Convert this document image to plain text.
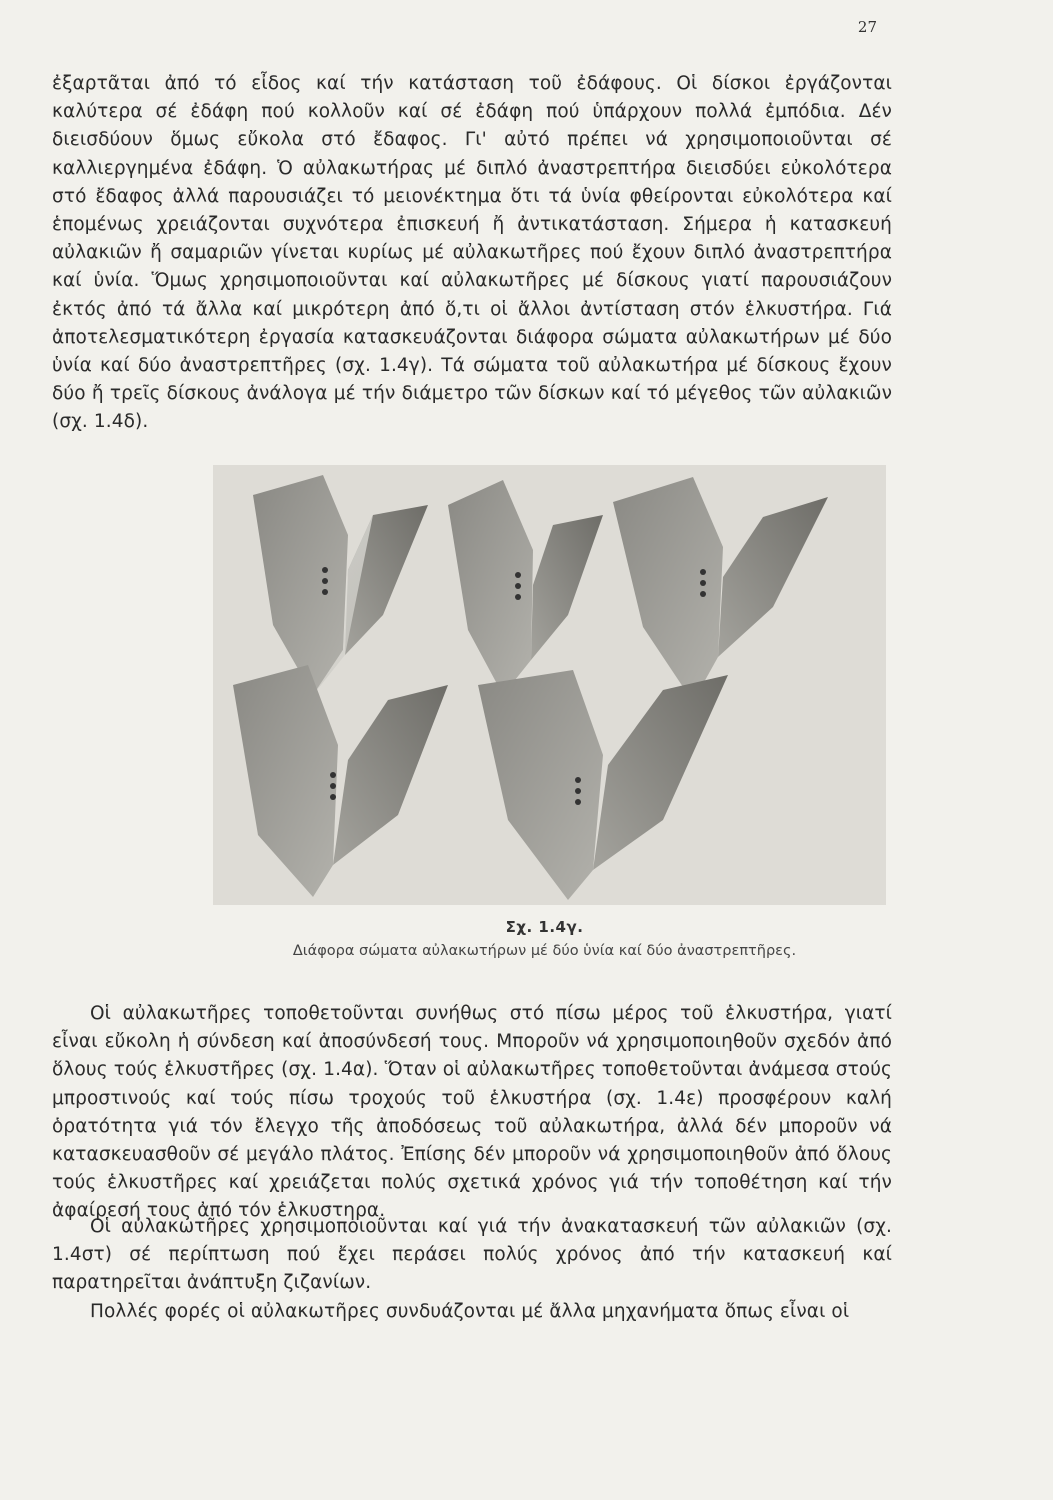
27

ἐξαρτᾶται ἀπό τό εἶδος καί τήν κατάσταση τοῦ ἐδάφους. Οἱ δίσκοι ἐργάζονται καλύτερα σέ ἐδάφη πού κολλοῦν καί σέ ἐδάφη πού ὑπάρχουν πολλά ἐμπόδια. Δέν διεισδύουν ὅμως εὔκολα στό ἔδαφος. Γι' αὐτό πρέπει νά χρησιμοποιοῦνται σέ καλλιεργημένα ἐδάφη. Ὁ αὐλακωτήρας μέ διπλό ἀναστρεπτήρα διεισδύει εὐκολότερα στό ἔδαφος ἀλλά παρουσιάζει τό μειονέκτημα ὅτι τά ὑνία φθείρονται εὐκολότερα καί ἑπομένως χρειάζονται συχνότερα ἐπισκευή ἤ ἀντικατάσταση. Σήμερα ἡ κατασκευή αὐλακιῶν ἤ σαμαριῶν γίνεται κυρίως μέ αὐλακωτῆρες πού ἔχουν διπλό ἀναστρεπτήρα καί ὑνία. Ὅμως χρησιμοποιοῦνται καί αὐλακωτῆρες μέ δίσκους γιατί παρουσιάζουν ἐκτός ἀπό τά ἄλλα καί μικρότερη ἀπό ὅ,τι οἱ ἄλλοι ἀντίσταση στόν ἑλκυστήρα. Γιά ἀποτελεσματικότερη ἐργασία κατασκευάζονται διάφορα σώματα αὐλακωτήρων μέ δύο ὑνία καί δύο ἀναστρεπτῆρες (σχ. 1.4γ). Τά σώματα τοῦ αὐλακωτήρα μέ δίσκους ἔχουν δύο ἤ τρεῖς δίσκους ἀνάλογα μέ τήν διάμετρο τῶν δίσκων καί τό μέγεθος τῶν αὐλακιῶν (σχ. 1.4δ).

Σχ. 1.4γ.
Διάφορα σώματα αὐλακωτήρων μέ δύο ὑνία καί δύο ἀναστρεπτῆρες.

Οἱ αὐλακωτῆρες τοποθετοῦνται συνήθως στό πίσω μέρος τοῦ ἑλκυστήρα, γιατί εἶναι εὔκολη ἡ σύνδεση καί ἀποσύνδεσή τους. Μποροῦν νά χρησιμοποιηθοῦν σχεδόν ἀπό ὅλους τούς ἑλκυστῆρες (σχ. 1.4α). Ὅταν οἱ αὐλακωτῆρες τοποθετοῦνται ἀνάμεσα στούς μπροστινούς καί τούς πίσω τροχούς τοῦ ἑλκυστήρα (σχ. 1.4ε) προσφέρουν καλή ὁρατότητα γιά τόν ἔλεγχο τῆς ἀποδόσεως τοῦ αὐλακωτήρα, ἀλλά δέν μποροῦν νά κατασκευασθοῦν σέ μεγάλο πλάτος. Ἐπίσης δέν μποροῦν νά χρησιμοποιηθοῦν ἀπό ὅλους τούς ἑλκυστῆρες καί χρειάζεται πολύς σχετικά χρόνος γιά τήν τοποθέτηση καί τήν ἀφαίρεσή τους ἀπό τόν ἑλκυστηρα.

Οἱ αὐλακωτῆρες χρησιμοποιοῦνται καί γιά τήν ἀνακατασκευή τῶν αὐλακιῶν (σχ. 1.4στ) σέ περίπτωση πού ἔχει περάσει πολύς χρόνος ἀπό τήν κατασκευή καί παρατηρεῖται ἀνάπτυξη ζιζανίων.

Πολλές φορές οἱ αὐλακωτῆρες συνδυάζονται μέ ἄλλα μηχανήματα ὅπως εἶναι οἱ
